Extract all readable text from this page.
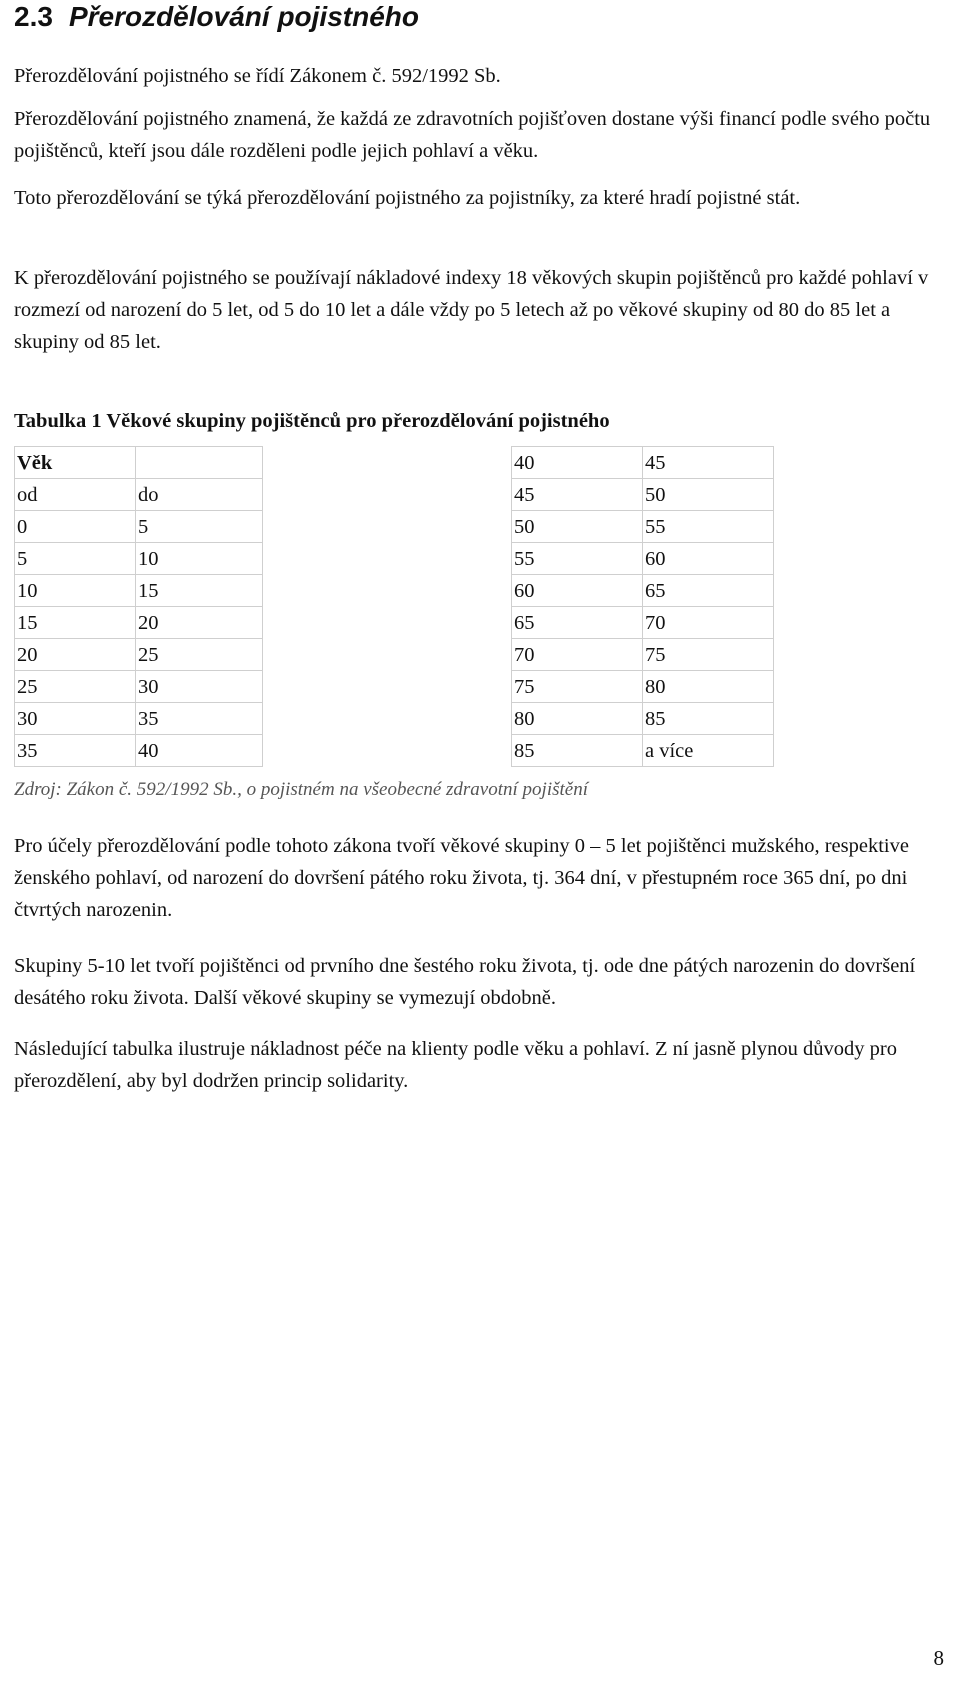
2.3 Přerozdělování pojistného

Přerozdělování pojistného se řídí Zákonem č. 592/1992 Sb.

Přerozdělování pojistného znamená, že každá ze zdravotních pojišťoven dostane výši financí podle svého počtu pojištěnců, kteří jsou dále rozděleni podle jejich pohlaví a věku.

Toto přerozdělování se týká přerozdělování pojistného za pojistníky, za které hradí pojistné stát.

K přerozdělování pojistného se používají nákladové indexy 18 věkových skupin pojištěnců pro každé pohlaví v rozmezí od narození do 5 let, od 5 do 10 let a dále vždy po 5 letech až po věkové skupiny od 80 do 85 let a skupiny od 85 let.

Tabulka 1 Věkové skupiny pojištěnců pro přerozdělování pojistného
Věk			40	45
od	do		45	50
0	5		50	55
5	10		55	60
10	15		60	65
15	20		65	70
20	25		70	75
25	30		75	80
30	35		80	85
35	40		85	a více
Zdroj: Zákon č. 592/1992 Sb., o pojistném na všeobecné zdravotní pojištění

Pro účely přerozdělování podle tohoto zákona tvoří věkové skupiny 0 – 5 let pojištěnci mužského, respektive ženského pohlaví, od narození do dovršení pátého roku života, tj. 364 dní, v přestupném roce 365 dní, po dni čtvrtých narozenin.

Skupiny 5-10 let tvoří pojištěnci od prvního dne šestého roku života, tj. ode dne pátých narozenin do dovršení desátého roku života. Další věkové skupiny se vymezují obdobně.

Následující tabulka ilustruje nákladnost péče na klienty podle věku a pohlaví. Z ní jasně plynou důvody pro přerozdělení, aby byl dodržen princip solidarity.

8
